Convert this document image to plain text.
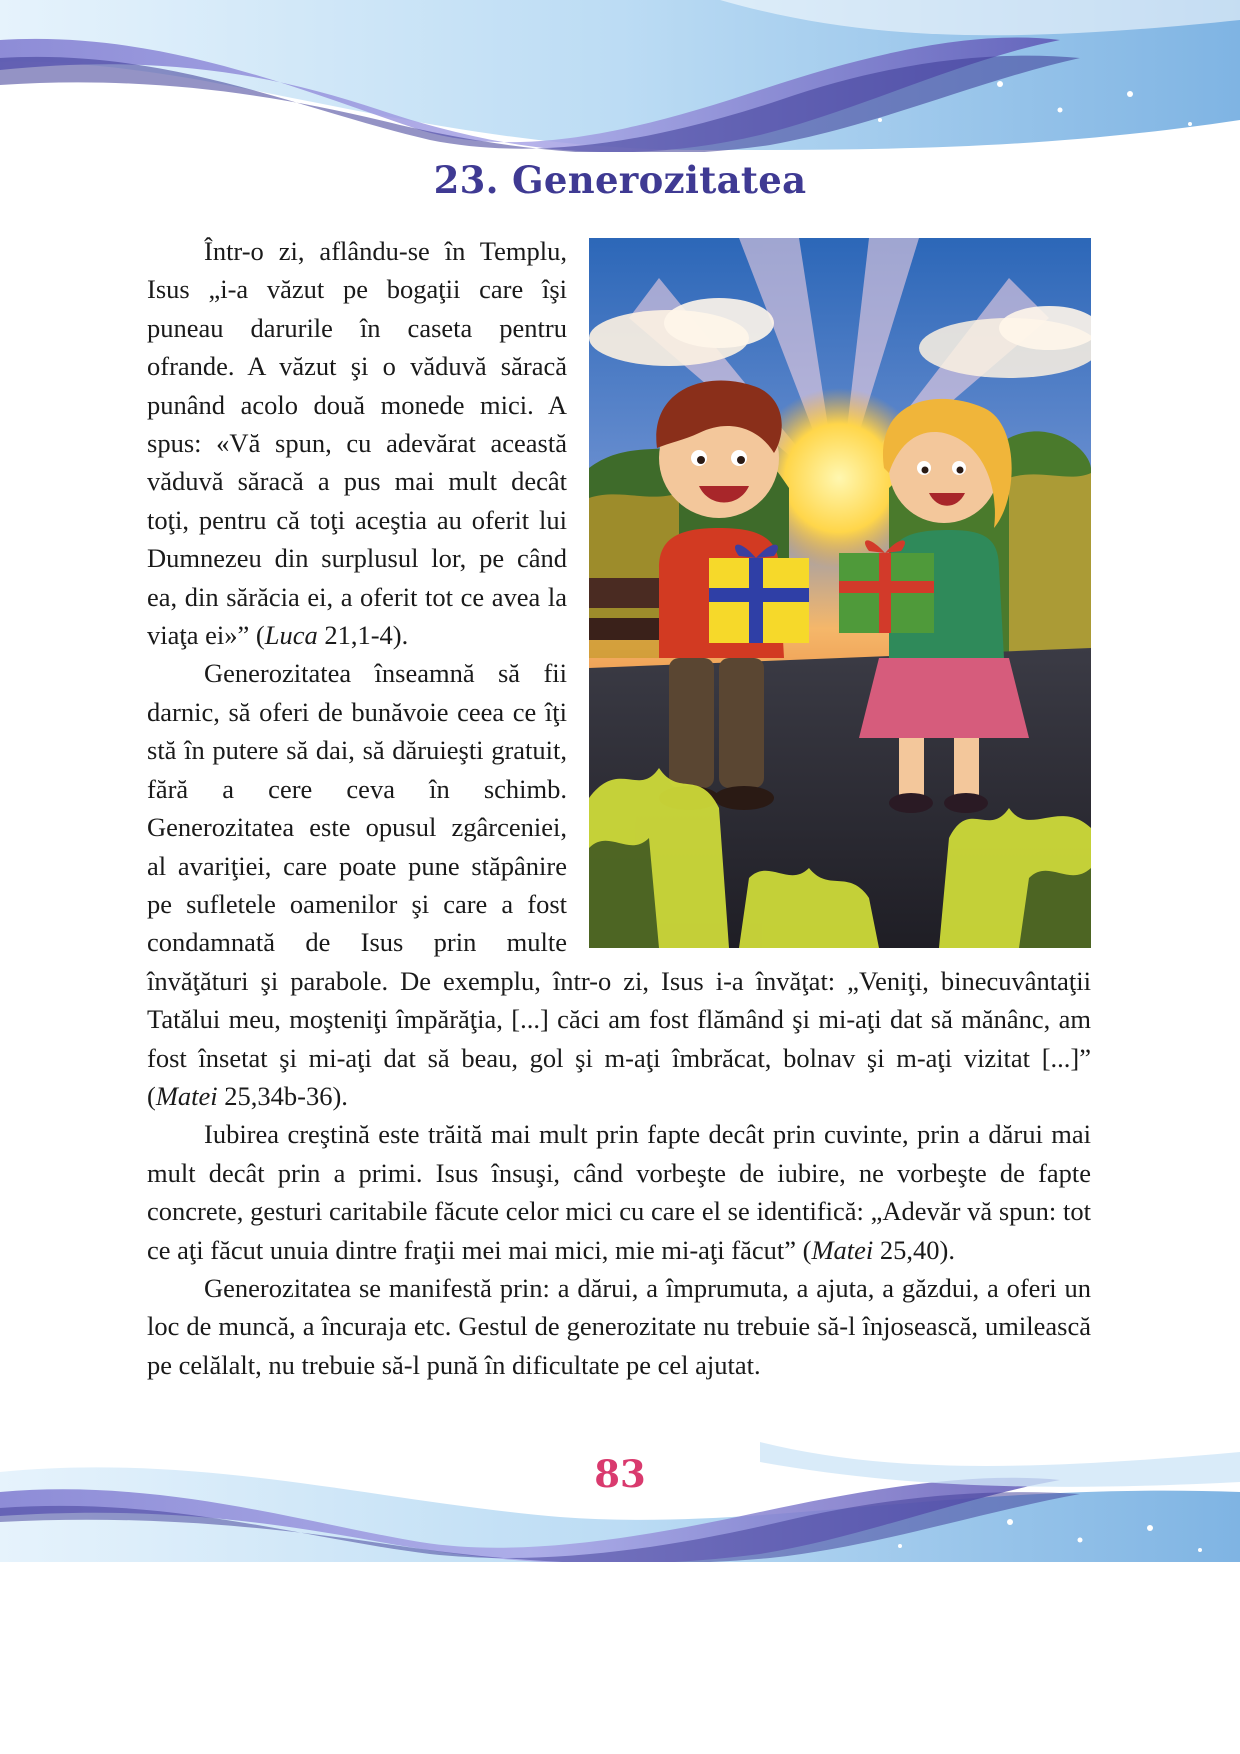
23. Generozitatea

Într-o zi, aflându-se în Templu, Isus „i-a văzut pe bogaţii care îşi puneau darurile în caseta pentru ofrande. A văzut şi o văduvă săracă punând acolo două monede mici. A spus: «Vă spun, cu adevărat această văduvă săracă a pus mai mult decât toţi, pentru că toţi aceştia au oferit lui Dumnezeu din surplusul lor, pe când ea, din sărăcia ei, a oferit tot ce avea la viaţa ei»” (Luca 21,1-4).

Generozitatea înseamnă să fii darnic, să oferi de bunăvoie ceea ce îţi stă în putere să dai, să dăruieşti gratuit, fără a cere ceva în schimb. Generozitatea este opusul zgârceniei, al avariţiei, care poate pune stăpânire pe sufletele oamenilor şi care a fost condamnată de Isus prin multe învăţături şi parabole. De exemplu, într-o zi, Isus i-a învăţat: „Veniţi, binecuvântaţii Tatălui meu, moşteniţi împărăţia, [...] căci am fost flămând şi mi-aţi dat să mănânc, am fost însetat şi mi-aţi dat să beau, gol şi m-aţi îmbrăcat, bolnav şi m-aţi vizitat [...]” (Matei 25,34b-36).

Iubirea creştină este trăită mai mult prin fapte decât prin cuvinte, prin a dărui mai mult decât prin a primi. Isus însuşi, când vorbeşte de iubire, ne vorbeşte de fapte concrete, gesturi caritabile făcute celor mici cu care el se identifică: „Adevăr vă spun: tot ce aţi făcut unuia dintre fraţii mei mai mici, mie mi-aţi făcut” (Matei 25,40).

Generozitatea se manifestă prin: a dărui, a împrumuta, a ajuta, a găzdui, a oferi un loc de muncă, a încuraja etc. Gestul de generozitate nu trebuie să-l înjosească, umilească pe celălalt, nu trebuie să-l pună în dificultate pe cel ajutat.

83
